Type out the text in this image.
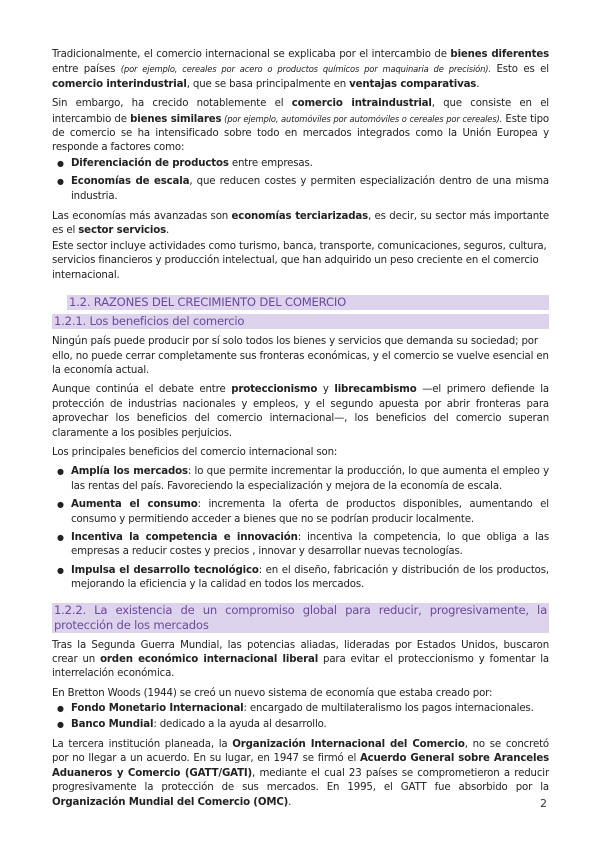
Tradicionalmente, el comercio internacional se explicaba por el intercambio de bienes diferentes entre países (por ejemplo, cereales por acero o productos químicos por maquinaria de precisión). Esto es el comercio interindustrial, que se basa principalmente en ventajas comparativas.

Sin embargo, ha crecido notablemente el comercio intraindustrial, que consiste en el intercambio de bienes similares (por ejemplo, automóviles por automóviles o cereales por cereales). Este tipo de comercio se ha intensificado sobre todo en mercados integrados como la Unión Europea y responde a factores como:

● Diferenciación de productos entre empresas.
● Economías de escala, que reducen costes y permiten especialización dentro de una misma industria.

Las economías más avanzadas son economías terciarizadas, es decir, su sector más importante es el sector servicios.

Este sector incluye actividades como turismo, banca, transporte, comunicaciones, seguros, cultura, servicios financieros y producción intelectual, que han adquirido un peso creciente en el comercio internacional.

1.2. RAZONES DEL CRECIMIENTO DEL COMERCIO
1.2.1. Los beneficios del comercio

Ningún país puede producir por sí solo todos los bienes y servicios que demanda su sociedad; por ello, no puede cerrar completamente sus fronteras económicas, y el comercio se vuelve esencial en la economía actual.

Aunque continúa el debate entre proteccionismo y librecambismo —el primero defiende la protección de industrias nacionales y empleos, y el segundo apuesta por abrir fronteras para aprovechar los beneficios del comercio internacional—, los beneficios del comercio superan claramente a los posibles perjuicios.

Los principales beneficios del comercio internacional son:

● Amplía los mercados: lo que permite incrementar la producción, lo que aumenta el empleo y las rentas del país. Favoreciendo la especialización y mejora de la economía de escala.
● Aumenta el consumo: incrementa la oferta de productos disponibles, aumentando el consumo y permitiendo acceder a bienes que no se podrían producir localmente.
● Incentiva la competencia e innovación: incentiva la competencia, lo que obliga a las empresas a reducir costes y precios , innovar y desarrollar nuevas tecnologías.
● Impulsa el desarrollo tecnológico: en el diseño, fabricación y distribución de los productos, mejorando la eficiencia y la calidad en todos los mercados.
1.2.2. La existencia de un compromiso global para reducir, progresivamente, la protección de los mercados

Tras la Segunda Guerra Mundial, las potencias aliadas, lideradas por Estados Unidos, buscaron crear un orden económico internacional liberal para evitar el proteccionismo y fomentar la interrelación económica.

En Bretton Woods (1944) se creó un nuevo sistema de economía que estaba creado por:

● Fondo Monetario Internacional: encargado de multilateralismo los pagos internacionales.
● Banco Mundial: dedicado a la ayuda al desarrollo.

La tercera institución planeada, la Organización Internacional del Comercio, no se concretó por no llegar a un acuerdo. En su lugar, en 1947 se firmó el Acuerdo General sobre Aranceles Aduaneros y Comercio (GATT/GATI), mediante el cual 23 países se comprometieron a reducir progresivamente la protección de sus mercados. En 1995, el GATT fue absorbido por la Organización Mundial del Comercio (OMC).	2
